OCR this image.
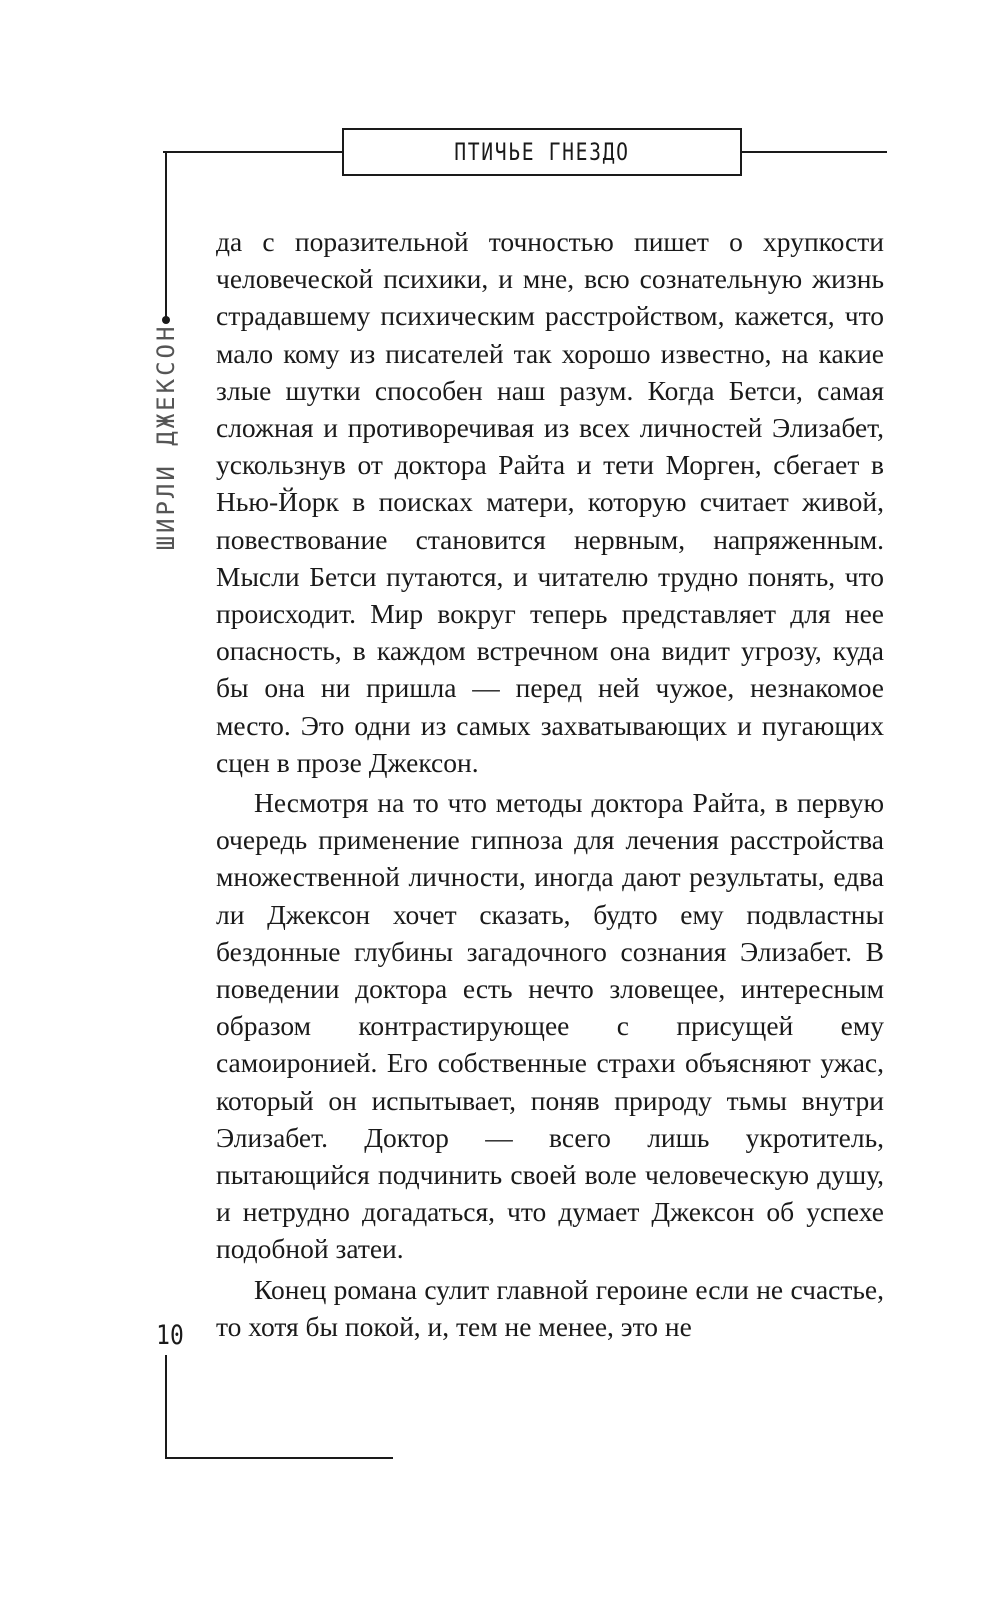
ПТИЧЬЕ ГНЕЗДО
ШИРЛИ ДЖЕКСОН
10

да с поразительной точностью пишет о хрупкости человеческой психики, и мне, всю сознательную жизнь страдавшему психическим расстройством, кажется, что мало кому из писателей так хорошо известно, на какие злые шутки способен наш разум. Когда Бетси, самая сложная и противоречивая из всех личностей Элизабет, ускользнув от доктора Райта и тети Морген, сбегает в Нью-Йорк в поисках матери, которую считает живой, повествование становится нервным, напряженным. Мысли Бетси путаются, и читателю трудно понять, что происходит. Мир вокруг теперь представляет для нее опасность, в каждом встречном она видит угрозу, куда бы она ни пришла — перед ней чужое, незнакомое место. Это одни из самых захватывающих и пугающих сцен в прозе Джексон.

Несмотря на то что методы доктора Райта, в первую очередь применение гипноза для лечения расстройства множественной личности, иногда дают результаты, едва ли Джексон хочет сказать, будто ему подвластны бездонные глубины загадочного сознания Элизабет. В поведении доктора есть нечто зловещее, интересным образом контрастирующее с присущей ему самоиронией. Его собственные страхи объясняют ужас, который он испытывает, поняв природу тьмы внутри Элизабет. Доктор — всего лишь укротитель, пытающийся подчинить своей воле человеческую душу, и нетрудно догадаться, что думает Джексон об успехе подобной затеи.

Конец романа сулит главной героине если не счастье, то хотя бы покой, и, тем не менее, это не
